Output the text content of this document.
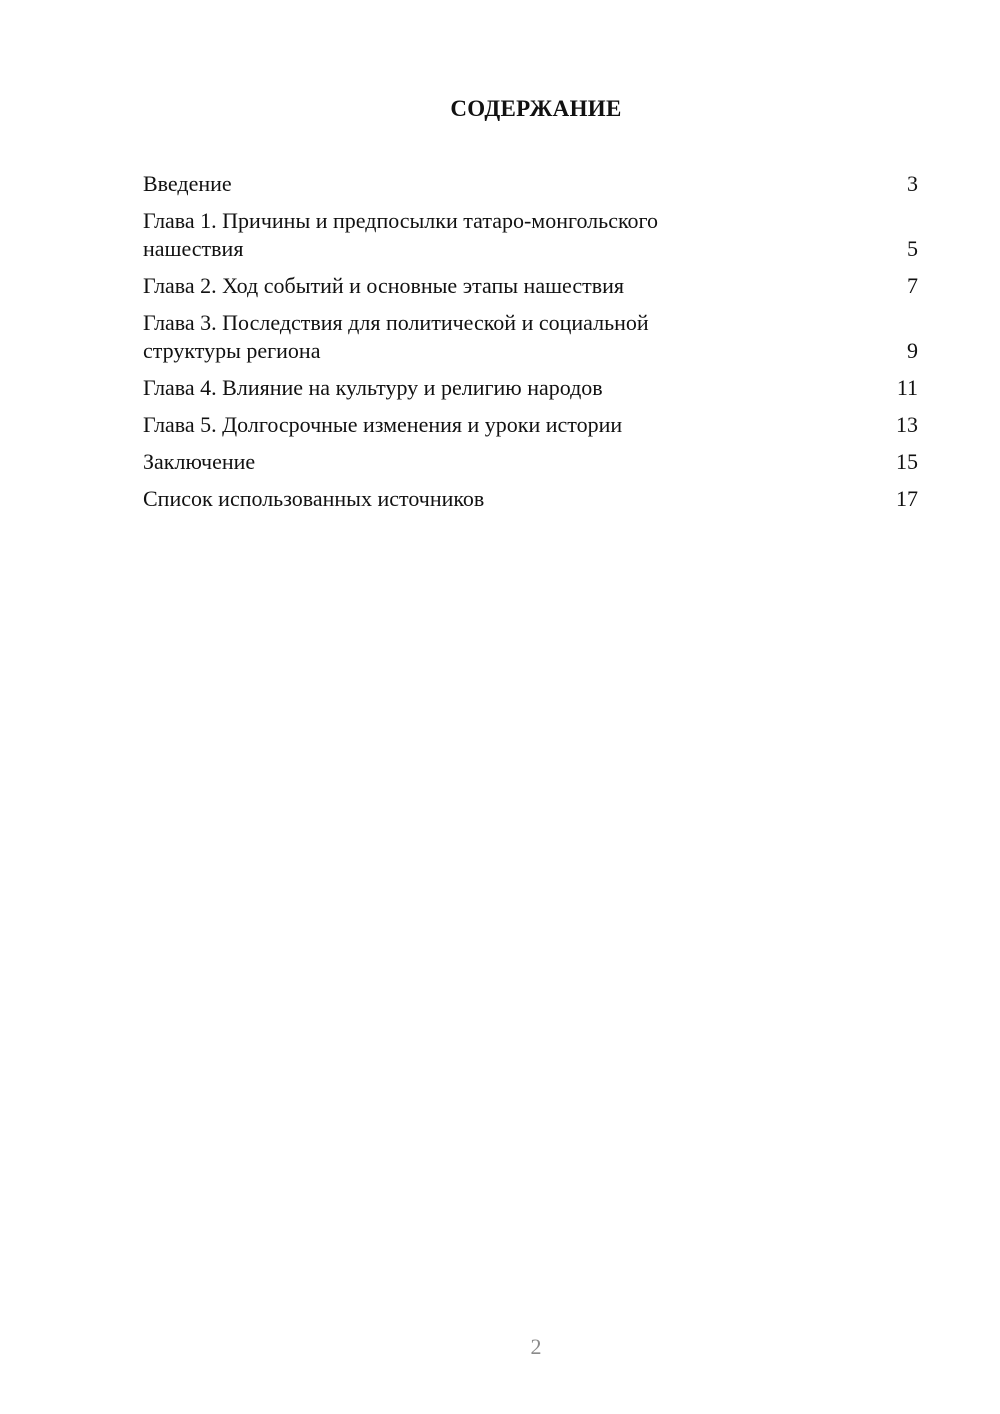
СОДЕРЖАНИЕ
Введение	3
Глава 1. Причины и предпосылки татаро-монгольского нашествия	5
Глава 2. Ход событий и основные этапы нашествия	7
Глава 3. Последствия для политической и социальной структуры региона	9
Глава 4. Влияние на культуру и религию народов	11
Глава 5. Долгосрочные изменения и уроки истории	13
Заключение	15
Список использованных источников	17
2
